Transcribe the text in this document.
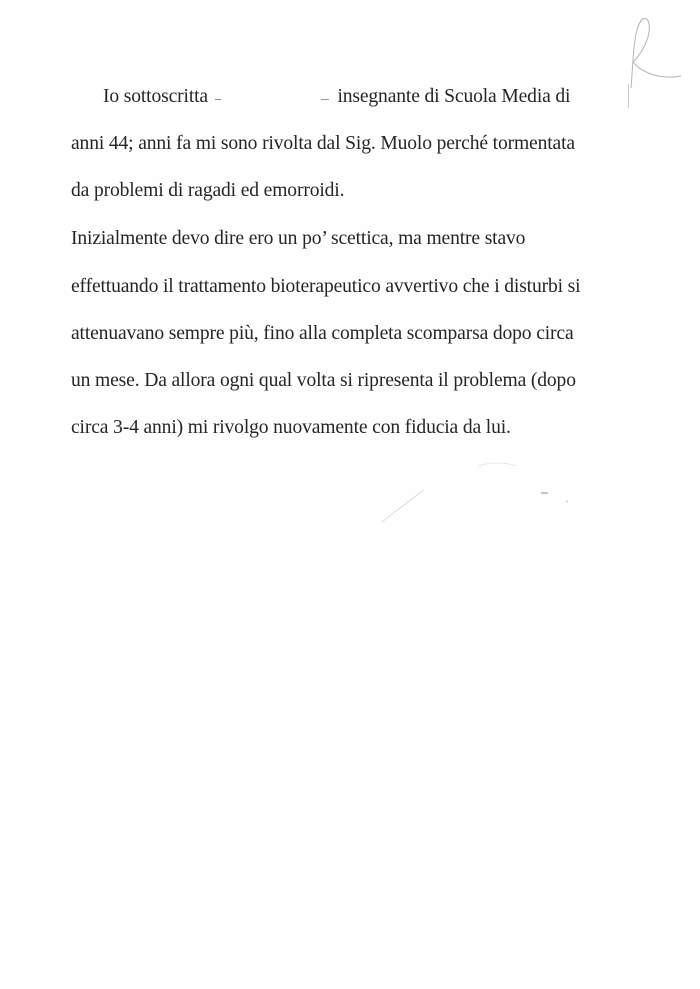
Io sottoscritta	insegnante di Scuola Media di
anni 44; anni fa mi sono rivolta dal Sig. Muolo perché tormentata
da problemi di ragadi ed emorroidi.
Inizialmente devo dire ero un po’ scettica, ma mentre stavo
effettuando il trattamento bioterapeutico avvertivo che i disturbi si
attenuavano sempre più, fino alla completa scomparsa dopo circa
un mese. Da allora ogni qual volta si ripresenta il problema (dopo
circa 3-4 anni) mi rivolgo nuovamente con fiducia da lui.
